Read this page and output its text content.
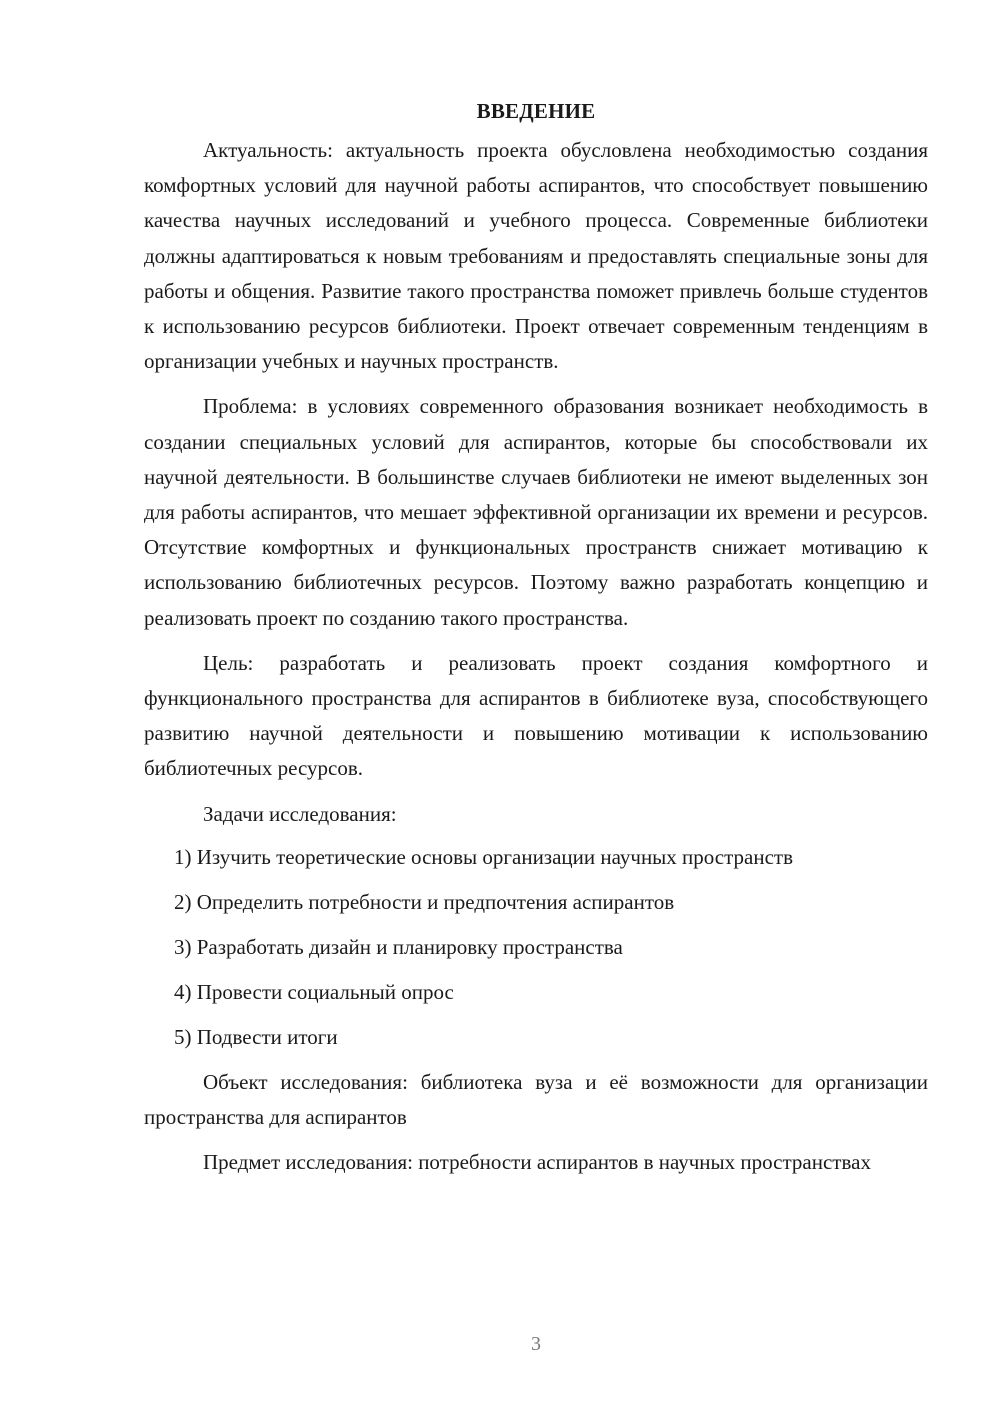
ВВЕДЕНИЕ

Актуальность: актуальность проекта обусловлена необходимостью создания комфортных условий для научной работы аспирантов, что способствует повышению качества научных исследований и учебного процесса. Современные библиотеки должны адаптироваться к новым требованиям и предоставлять специальные зоны для работы и общения. Развитие такого пространства поможет привлечь больше студентов к использованию ресурсов библиотеки. Проект отвечает современным тенденциям в организации учебных и научных пространств.

Проблема: в условиях современного образования возникает необходимость в создании специальных условий для аспирантов, которые бы способствовали их научной деятельности. В большинстве случаев библиотеки не имеют выделенных зон для работы аспирантов, что мешает эффективной организации их времени и ресурсов. Отсутствие комфортных и функциональных пространств снижает мотивацию к использованию библиотечных ресурсов. Поэтому важно разработать концепцию и реализовать проект по созданию такого пространства.

Цель: разработать и реализовать проект создания комфортного и функционального пространства для аспирантов в библиотеке вуза, способствующего развитию научной деятельности и повышению мотивации к использованию библиотечных ресурсов.

Задачи исследования:

1) Изучить теоретические основы организации научных пространств
2) Определить потребности и предпочтения аспирантов
3) Разработать дизайн и планировку пространства
4) Провести социальный опрос
5) Подвести итоги

Объект исследования: библиотека вуза и её возможности для организации пространства для аспирантов

Предмет исследования: потребности аспирантов в научных пространствах

3
